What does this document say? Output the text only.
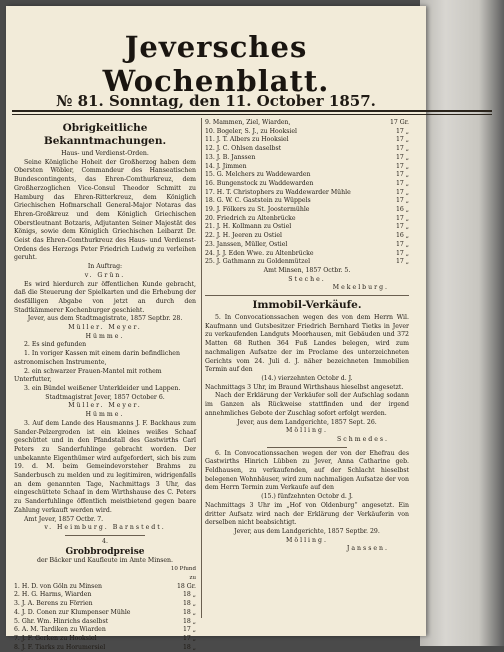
Jeversches Wochenblatt.
№ 81. Sonntag, den 11. October 1857.
Obrigkeitliche Bekanntmachungen.
Haus- und Verdienst-Orden.

Seine Königliche Hoheit der Großherzog haben dem Obersten Wöbler, Commandeur des Hanseatischen Bundescontingents, das Ehren-Comthurkreuz, dem Großherzoglichen Vice-Consul Theodor Schmitt zu Hamburg das Ehren-Ritterkreuz, dem Königlich Griechischen Hofmarschall General-Major Notaras das Ehren-Großkreuz und dem Königlich Griechischen Oberstleutnant Botzaris, Adjutanten Seiner Majestät des Königs, sowie dem Königlich Griechischen Leibarzt Dr. Geist das Ehren-Comthurkreuz des Haus- und Verdienst-Ordens des Herzogs Peter Friedrich Ludwig zu verleihen geruht.

In Auftrag:
v. Grün.

Es wird hierdurch zur öffentlichen Kunde gebracht, daß die Steuerung der Spielkarten und die Erhebung der desfälligen Abgabe von jetzt an durch den Stadtkämmerer Kochenburger geschieht.

Jever, aus dem Stadtmagistrate, 1857 Septbr. 28.
Müller. Meyer.
Hümme.
2. Es sind gefunden
1. In voriger Kassen mit einem darin befindlichen astronomischen Instrumente,
2. ein schwarzer Frauen-Mantel mit rothem Unterfutter,
3. ein Bündel weißener Unterkleider und Lappen.
Stadtmagistrat Jever, 1857 October 6.
Müller. Meyer.
Hümme.

3. Auf dem Lande des Hausmanns J. F. Backhaus zum Sander-Pelzergroden ist ein kleines weißes Schaaf geschüttet und in den Pfandstall des Gastwirths Carl Peters zu Sanderfuhlinge gebracht worden. Der unbekannte Eigenthümer wird aufgefordert, sich bis zum 19. d. M. beim Gemeindevorsteher Brahms zu Sanderbusch zu melden und zu legitimiren, widrigenfalls an dem genannten Tage, Nachmittags 3 Uhr, das eingeschüttete Schaaf in dem Wirthshause des C. Peters zu Sanderfuhlinge öffentlich meistbietend gegen baare Zahlung verkauft werden wird.

Amt Jever, 1857 Octbr. 7.
v. Heimburg. Barnstedt.
4.
Grobbrodpreise
der Bäcker und Kaufleute im Amte Minsen.
10 Pfund
zu
1. H. D. von Göln zu Minsen	18 Gr.
2. H. G. Harms, Wiarden	18 „
3. J. A. Berens zu Förrien	18 „
4. J. D. Conen zur Klumpenser Mühle	18 „
5. Ghr. Wm. Hinrichs daselbst	18 „
6. A. M. Tardiken zu Wiarden	17 „
7. J. F. Gerken zu Hooksiel	17 „
8. J. F. Tiarks zu Horumersiel	18 „
9. Mammen, Ziel, Wiarden,	17 Gr.
10. Bogeler, S. J., zu Hooksiel	17 „
11. J. T. Albers zu Hooksiel	17 „
12. J. C. Ohlsen daselbst	17 „
13. J. B. Janssen	17 „
14. J. Jimmen	17 „
15. G. Melchers zu Waddewarden	17 „
16. Bungenstock zu Waddewarden	17 „
17. H. T. Christophers zu Waddewarder Mühle	17 „
18. G. W. C. Gaststein zu Wüppels	17 „
19. J. Fölkers zu St. Joostermühle	16 „
20. Friedrich zu Altenbrücke	17 „
21. J. H. Kollmann zu Ostiel	17 „
22. J. H. Jeeren zu Ostiel	16 „
23. Janssen, Müller, Ostiel	17 „
24. J. J. Eden Wwe. zu Altenbrücke	17 „
25. J. Gathmann zu Goldenmützel	17 „
Amt Minsen, 1857 Octbr. 5.
Steche.
Mekelburg.
Immobil-Verkäufe.

5. In Convocationssachen wegen des von dem Herrn Wil. Kaufmann und Gutsbesitzer Friedrich Bernhard Tietks in Jever zu verkaufenden Landguts Moorhausen, mit Gebäuden und 372 Matten 68 Ruthen 364 Fuß Landes belegen, wird zum nachmaligen Aufsatze der im Proclame des unterzeichneten Gerichts vom 24. Juli d. J. näher bezeichneten Immobilien Termin auf den

(14.) vierzehnten Octobr d. J.

Nachmittags 3 Uhr, im Braund Wirthshaus hieselbst angesetzt.

Nach der Erklärung der Verkäufer soll der Aufschlag sodann im Ganzen als Rückweise stattfinden und der irgend annehmliches Gebote der Zuschlag sofort erfolgt werden.

Jever, aus dem Landgerichte, 1857 Sept. 26.
Mölling.
Schmedes.

6. In Convocationssachen wegen der von der Ehefrau des Gastwirths Hinrich Lübben zu Jever, Anna Catharine geb. Feldhausen, zu verkaufenden, auf der Schlacht hieselbst belegenen Wohnhäuser, wird zum nachmaligen Aufsatze der von dem Herrn Termin zum Verkaufe auf den

(15.) fünfzehnten Octobr d. J.

Nachmittags 3 Uhr im „Hof von Oldenburg“ angesetzt. Ein dritter Aufsatz wird nach der Erklärung der Verkäuferin von derselben nicht beabsichtigt.

Jever, aus dem Landgerichte, 1857 Septbr. 29.
Mölling.
Janssen.
